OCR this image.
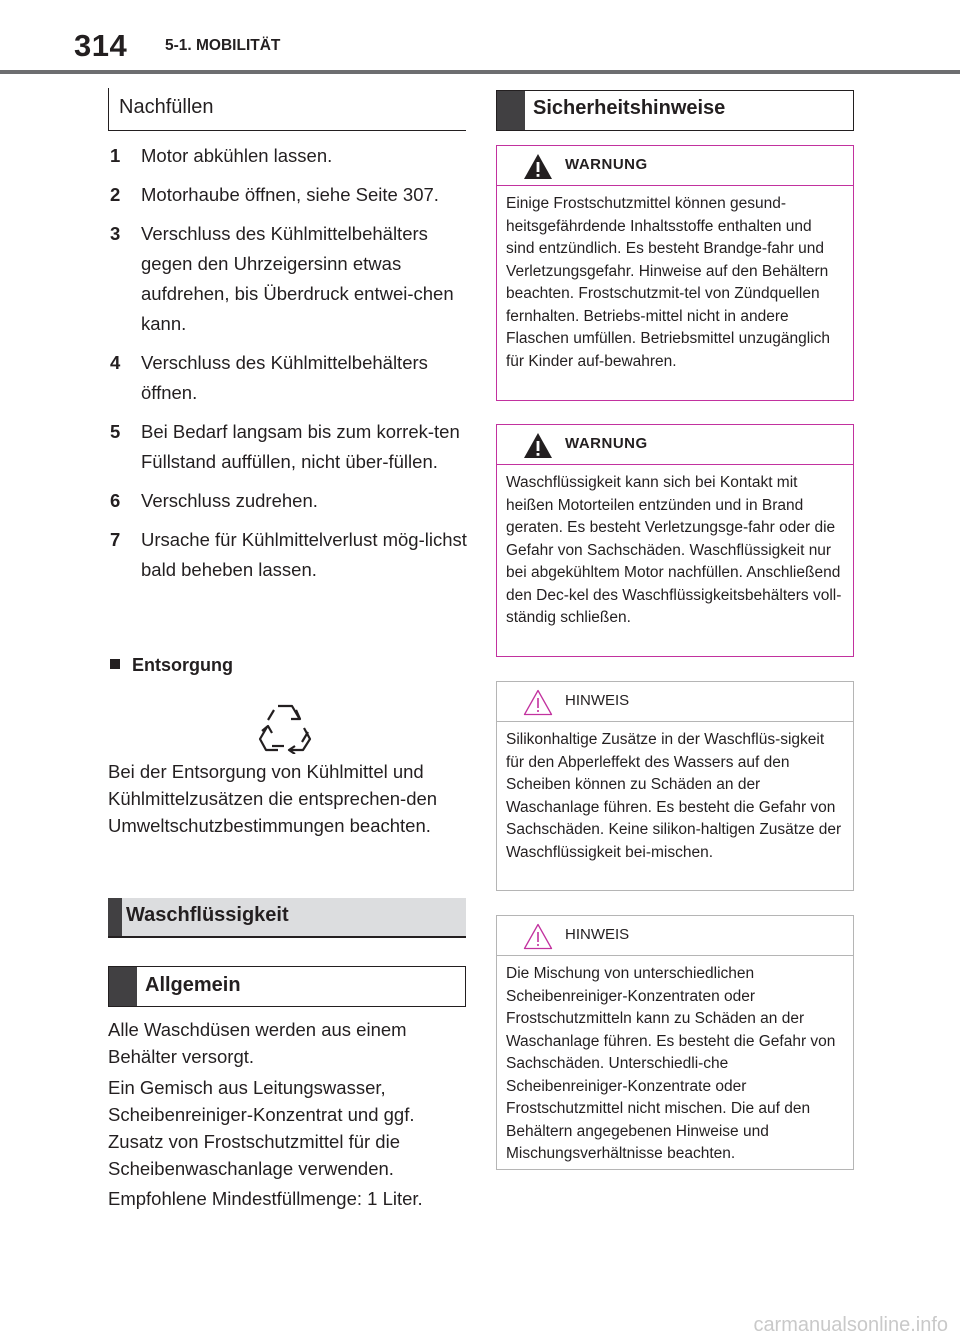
314 5-1. MOBILITÄT
Nachfüllen
1 Motor abkühlen lassen.
2 Motorhaube öffnen, siehe Seite 307.
3 Verschluss des Kühlmittelbehälters gegen den Uhrzeigersinn etwas aufdrehen, bis Überdruck entwei-chen kann.
4 Verschluss des Kühlmittelbehälters öffnen.
5 Bei Bedarf langsam bis zum korrek-ten Füllstand auffüllen, nicht über-füllen.
6 Verschluss zudrehen.
7 Ursache für Kühlmittelverlust mög-lichst bald beheben lassen.
Entsorgung
Bei der Entsorgung von Kühlmittel und Kühlmittelzusätzen die entsprechen-den Umweltschutzbestimmungen beachten.
Waschflüssigkeit
Allgemein
Alle Waschdüsen werden aus einem Behälter versorgt.
Ein Gemisch aus Leitungswasser, Scheibenreiniger-Konzentrat und ggf. Zusatz von Frostschutzmittel für die Scheibenwaschanlage verwenden.
Empfohlene Mindestfüllmenge: 1 Liter.
Sicherheitshinweise
WARNUNG
Einige Frostschutzmittel können gesund-heitsgefährdende Inhaltsstoffe enthalten und sind entzündlich. Es besteht Brandge-fahr und Verletzungsgefahr. Hinweise auf den Behältern beachten. Frostschutzmit-tel von Zündquellen fernhalten. Betriebs-mittel nicht in andere Flaschen umfüllen. Betriebsmittel unzugänglich für Kinder auf-bewahren.
WARNUNG
Waschflüssigkeit kann sich bei Kontakt mit heißen Motorteilen entzünden und in Brand geraten. Es besteht Verletzungsge-fahr oder die Gefahr von Sachschäden. Waschflüssigkeit nur bei abgekühltem Motor nachfüllen. Anschließend den Dec-kel des Waschflüssigkeitsbehälters voll-ständig schließen.
HINWEIS
Silikonhaltige Zusätze in der Waschflüs-sigkeit für den Abperleffekt des Wassers auf den Scheiben können zu Schäden an der Waschanlage führen. Es besteht die Gefahr von Sachschäden. Keine silikon-haltigen Zusätze der Waschflüssigkeit bei-mischen.
HINWEIS
Die Mischung von unterschiedlichen Scheibenreiniger-Konzentraten oder Frostschutzmitteln kann zu Schäden an der Waschanlage führen. Es besteht die Gefahr von Sachschäden. Unterschiedli-che Scheibenreiniger-Konzentrate oder Frostschutzmittel nicht mischen. Die auf den Behältern angegebenen Hinweise und Mischungsverhältnisse beachten.
carmanualsonline.info
